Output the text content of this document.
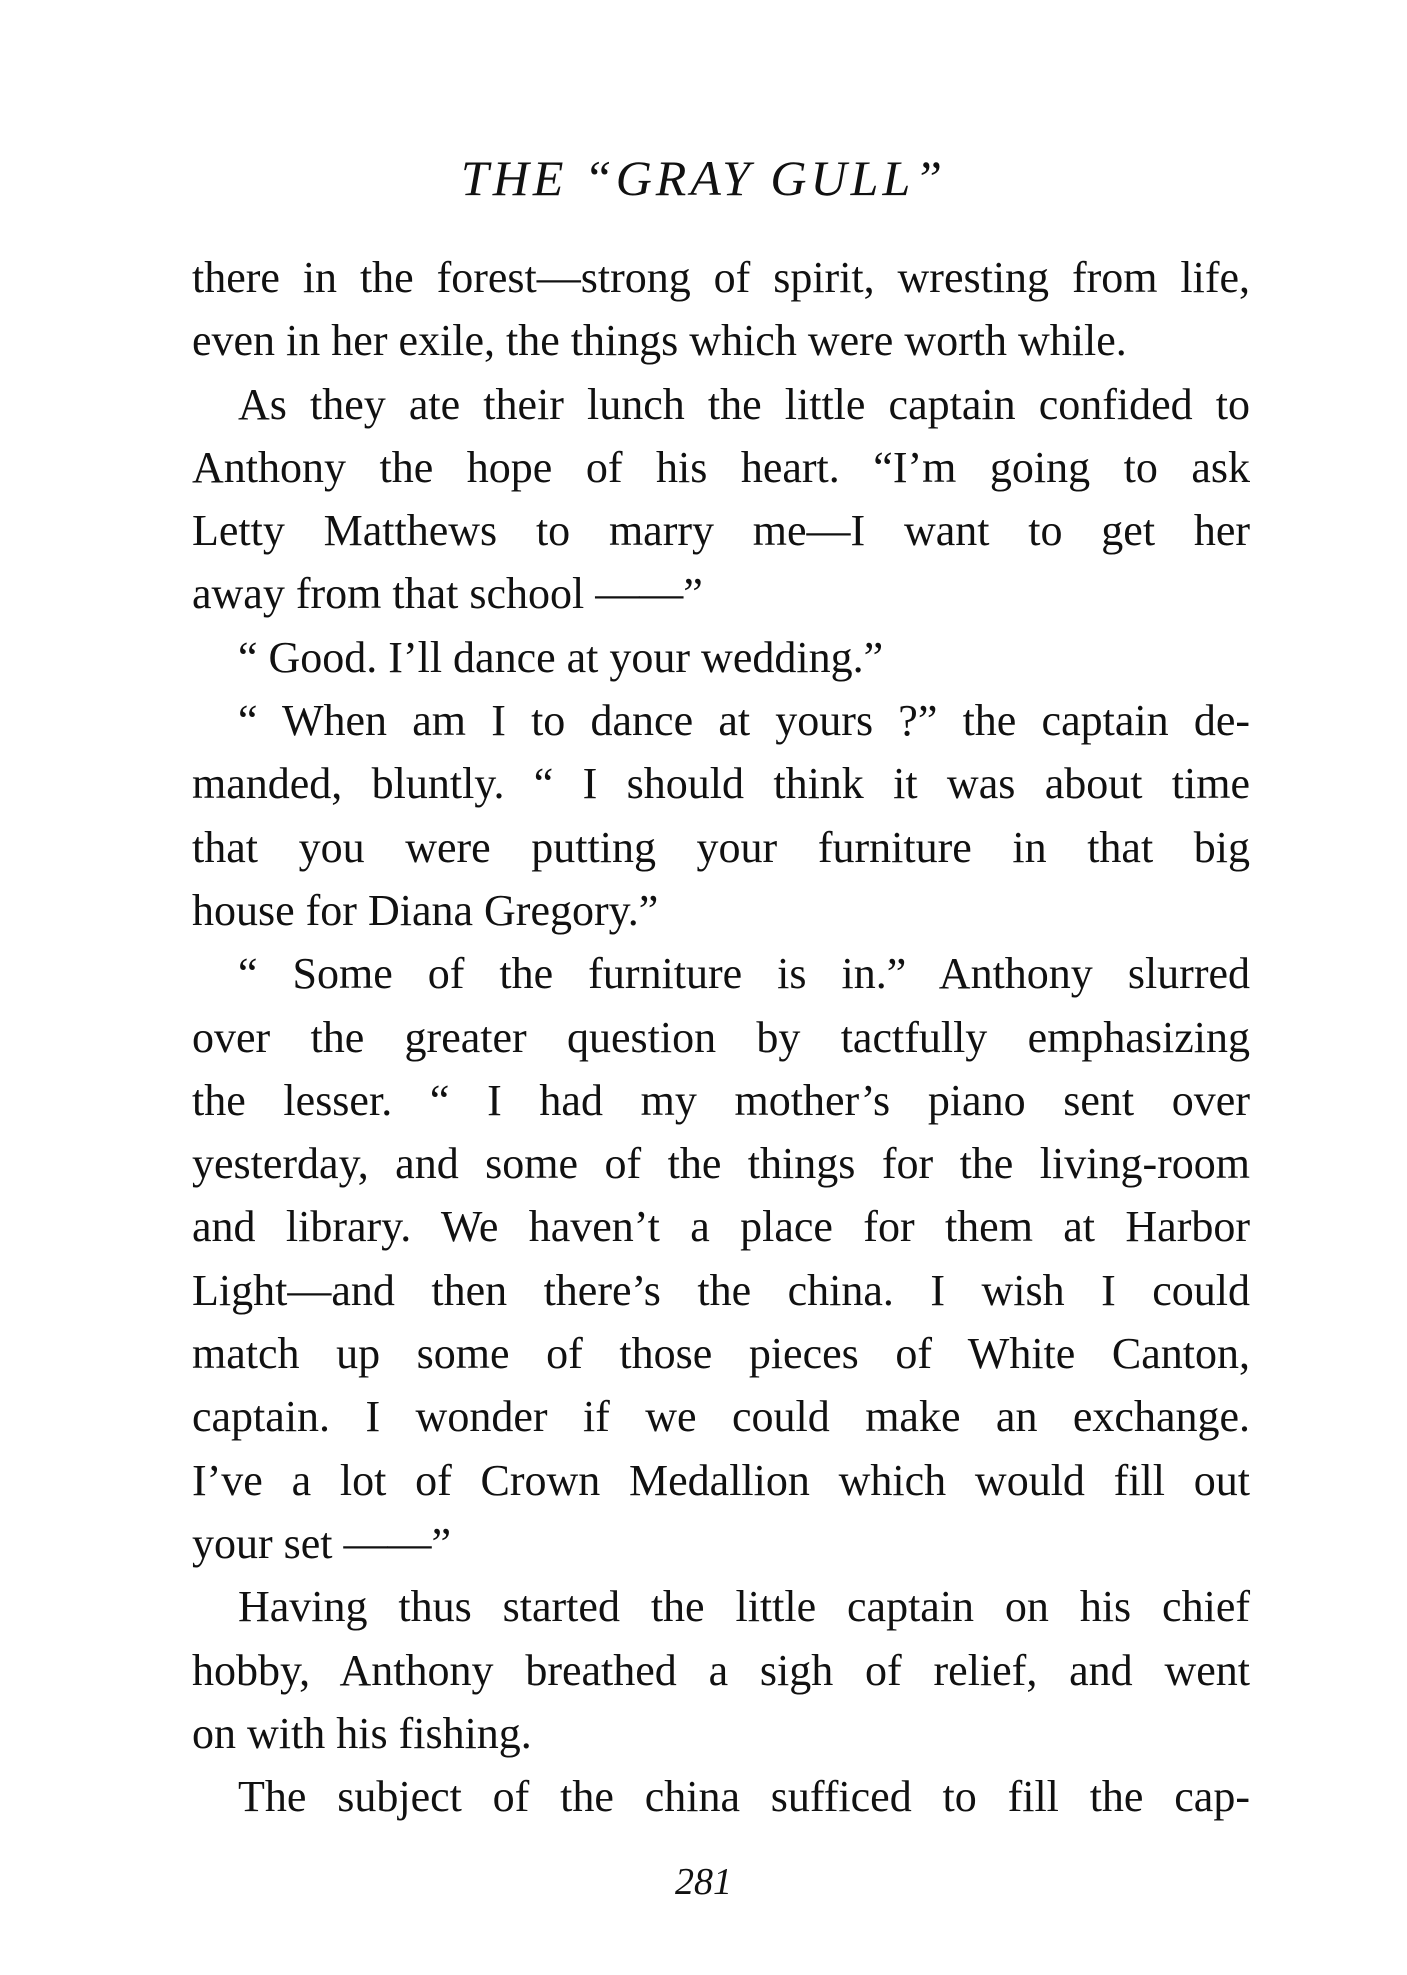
THE “GRAY GULL”
there in the forest—strong of spirit, wresting from life,
even in her exile, the things which were worth while.
As they ate their lunch the little captain confided to
Anthony the hope of his heart. “I’m going to ask
Letty Matthews to marry me—I want to get her
away from that school ——”
“ Good. I’ll dance at your wedding.”
“ When am I to dance at yours ?” the captain de-
manded, bluntly. “ I should think it was about time
that you were putting your furniture in that big
house for Diana Gregory.”
“ Some of the furniture is in.” Anthony slurred
over the greater question by tactfully emphasizing
the lesser. “ I had my mother’s piano sent over
yesterday, and some of the things for the living-room
and library. We haven’t a place for them at Harbor
Light—and then there’s the china. I wish I could
match up some of those pieces of White Canton,
captain. I wonder if we could make an exchange.
I’ve a lot of Crown Medallion which would fill out
your set ——”
Having thus started the little captain on his chief
hobby, Anthony breathed a sigh of relief, and went
on with his fishing.
The subject of the china sufficed to fill the cap-
281
